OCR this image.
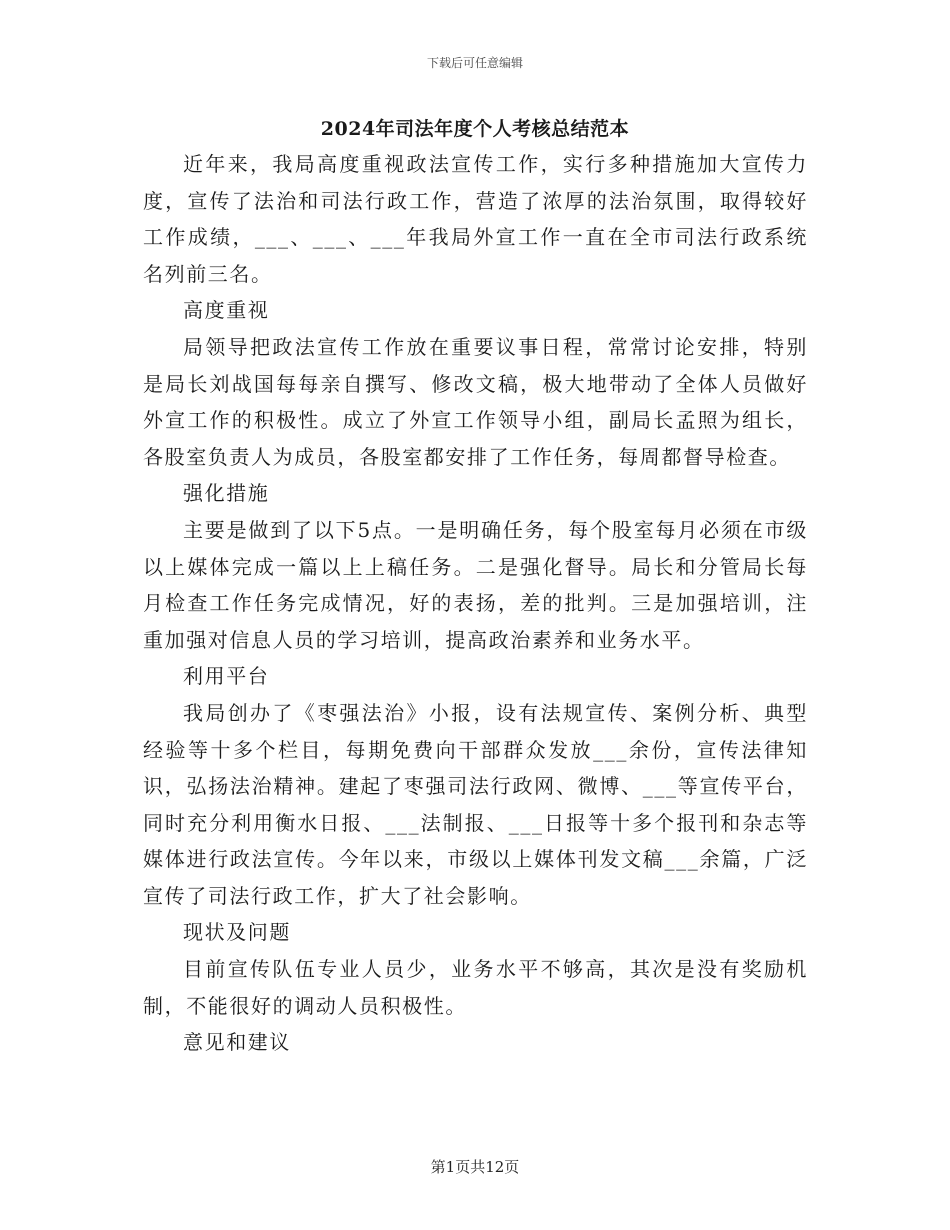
下载后可任意编辑
2024年司法年度个人考核总结范本

近年来，我局高度重视政法宣传工作，实行多种措施加大宣传力度，宣传了法治和司法行政工作，营造了浓厚的法治氛围，取得较好工作成绩，___、___、___年我局外宣工作一直在全市司法行政系统名列前三名。

高度重视

局领导把政法宣传工作放在重要议事日程，常常讨论安排，特别是局长刘战国每每亲自撰写、修改文稿，极大地带动了全体人员做好外宣工作的积极性。成立了外宣工作领导小组，副局长孟照为组长，各股室负责人为成员，各股室都安排了工作任务，每周都督导检查。

强化措施

主要是做到了以下5点。一是明确任务，每个股室每月必须在市级以上媒体完成一篇以上上稿任务。二是强化督导。局长和分管局长每月检查工作任务完成情况，好的表扬，差的批判。三是加强培训，注重加强对信息人员的学习培训，提高政治素养和业务水平。

利用平台

我局创办了《枣强法治》小报，设有法规宣传、案例分析、典型经验等十多个栏目，每期免费向干部群众发放___余份，宣传法律知识，弘扬法治精神。建起了枣强司法行政网、微博、___等宣传平台，同时充分利用衡水日报、___法制报、___日报等十多个报刊和杂志等媒体进行政法宣传。今年以来，市级以上媒体刊发文稿___余篇，广泛宣传了司法行政工作，扩大了社会影响。

现状及问题

目前宣传队伍专业人员少，业务水平不够高，其次是没有奖励机制，不能很好的调动人员积极性。

意见和建议

第1页共12页
